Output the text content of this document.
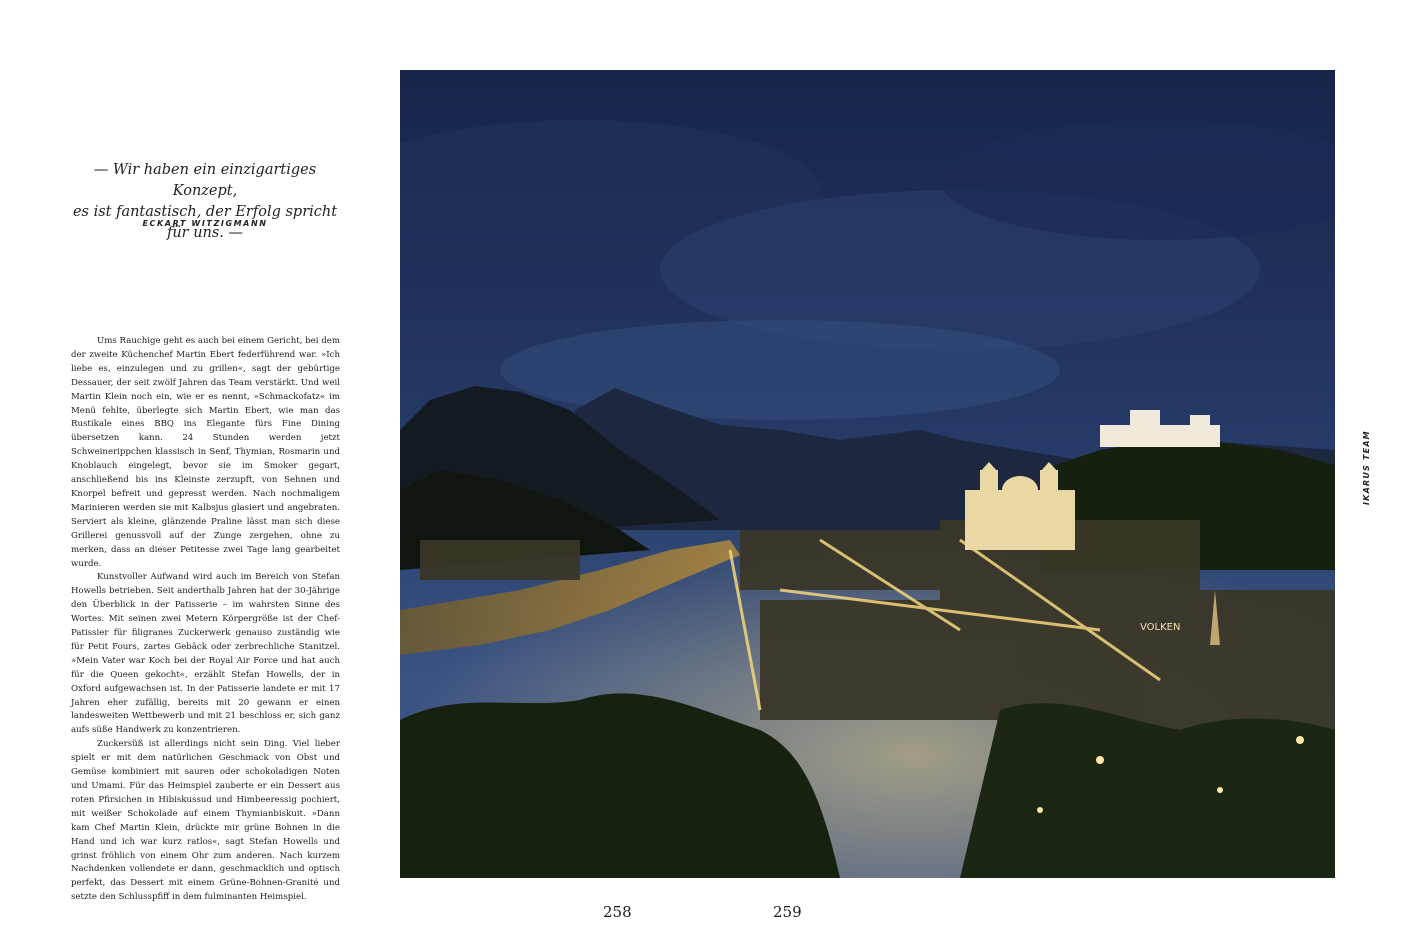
— Wir haben ein einzigartiges Konzept,
es ist fantastisch, der Erfolg spricht für uns. —
ECKART WITZIGMANN

Ums Rauchige geht es auch bei einem Gericht, bei dem der zweite Küchenchef Martin Ebert federführend war. »Ich liebe es, einzulegen und zu grillen«, sagt der gebürtige Dessauer, der seit zwölf Jahren das Team verstärkt. Und weil Martin Klein noch ein, wie er es nennt, »Schmackofatz« im Menü fehlte, überlegte sich Martin Ebert, wie man das Rustikale eines BBQ ins Elegante fürs Fine Dining übersetzen kann. 24 Stunden werden jetzt Schweinerippchen klassisch in Senf, Thymian, Rosmarin und Knoblauch eingelegt, bevor sie im Smoker gegart, anschließend bis ins Kleinste zerzupft, von Sehnen und Knorpel befreit und gepresst werden. Nach nochmaligem Marinieren werden sie mit Kalbsjus glasiert und angebraten. Serviert als kleine, glänzende Praline lässt man sich diese Grillerei genussvoll auf der Zunge zergehen, ohne zu merken, dass an dieser Petitesse zwei Tage lang gearbeitet wurde.

Kunstvoller Aufwand wird auch im Bereich von Stefan Howells betrieben. Seit anderthalb Jahren hat der 30-Jährige den Überblick in der Patisserie – im wahrsten Sinne des Wortes. Mit seinen zwei Metern Körpergröße ist der Chef-Patissier für filigranes Zuckerwerk genauso zuständig wie für Petit Fours, zartes Gebäck oder zerbrechliche Stanitzel. »Mein Vater war Koch bei der Royal Air Force und hat auch für die Queen gekocht«, erzählt Stefan Howells, der in Oxford aufgewachsen ist. In der Patisserie landete er mit 17 Jahren eher zufällig, bereits mit 20 gewann er einen landesweiten Wettbewerb und mit 21 beschloss er, sich ganz aufs süße Handwerk zu konzentrieren.

Zuckersüß ist allerdings nicht sein Ding. Viel lieber spielt er mit dem natürlichen Geschmack von Obst und Gemüse kombiniert mit sauren oder schokoladigen Noten und Umami. Für das Heimspiel zauberte er ein Dessert aus roten Pfirsichen in Hibiskussud und Himbeeressig pochiert, mit weißer Schokolade auf einem Thymianbiskuit. »Dann kam Chef Martin Klein, drückte mir grüne Bohnen in die Hand und ich war kurz ratlos«, sagt Stefan Howells und grinst fröhlich von einem Ohr zum anderen. Nach kurzem Nachdenken vollendete er dann, geschmacklich und optisch perfekt, das Dessert mit einem Grüne-Bohnen-Granité und setzte den Schlusspfiff in dem fulminanten Heimspiel.

VOLKEN
IKARUS TEAM
258	259
